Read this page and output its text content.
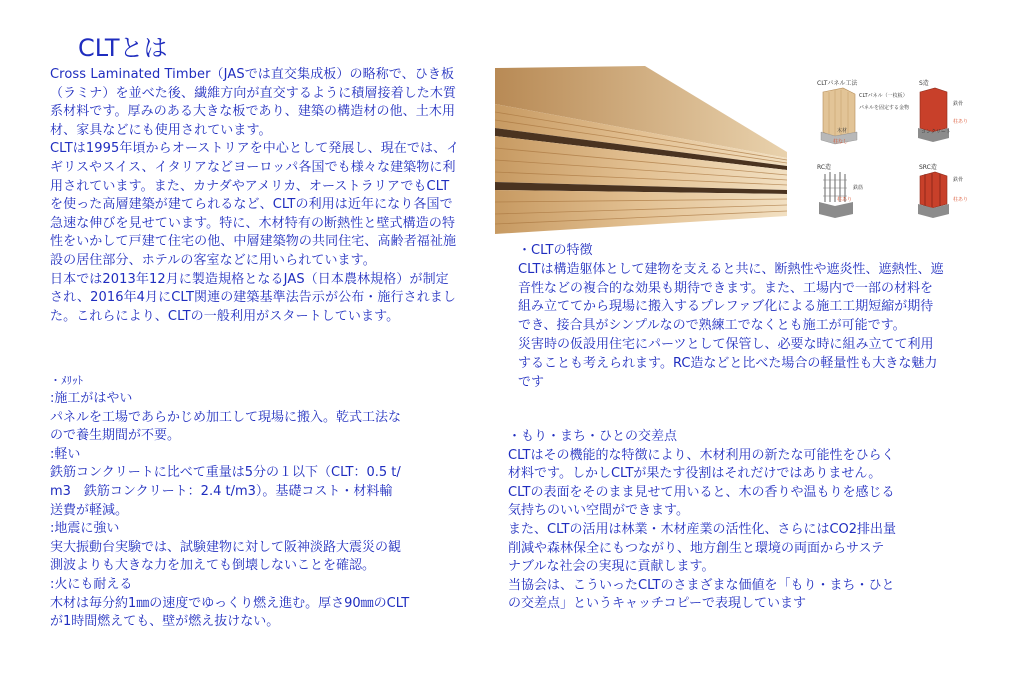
CLTとは
Cross Laminated Timber（JASでは直交集成板）の略称で、ひき板
（ラミナ）を並べた後、繊維方向が直交するように積層接着した木質
系材料です。厚みのある大きな板であり、建築の構造材の他、土木用
材、家具などにも使用されています。
CLTは1995年頃からオーストリアを中心として発展し、現在では、イ
ギリスやスイス、イタリアなどヨーロッパ各国でも様々な建築物に利
用されています。また、カナダやアメリカ、オーストラリアでもCLT
を使った高層建築が建てられるなど、CLTの利用は近年になり各国で
急速な伸びを見せています。特に、木材特有の断熱性と壁式構造の特
性をいかして戸建て住宅の他、中層建築物の共同住宅、高齢者福祉施
設の居住部分、ホテルの客室などに用いられています。
日本では2013年12月に製造規格となるJAS（日本農林規格）が制定
され、2016年4月にCLT関連の建築基準法告示が公布・施行されまし
た。これらにより、CLTの一般利用がスタートしています。
・ﾒﾘｯﾄ
:施工がはやい
パネルを工場であらかじめ加工して現場に搬入。乾式工法な
ので養生期間が不要。
:軽い
鉄筋コンクリートに比べて重量は5分の１以下（CLT：0.5 t/
m3　鉄筋コンクリート：2.4 t/m3）。基礎コスト・材料輸
送費が軽減。
:地震に強い
実大振動台実験では、試験建物に対して阪神淡路大震災の観
測波よりも大きな力を加えても倒壊しないことを確認。
:火にも耐える
木材は毎分約1㎜の速度でゆっくり燃え進む。厚さ90㎜のCLT
が1時間燃えても、壁が燃え抜けない。
・CLTの特徴
CLTは構造躯体として建物を支えると共に、断熱性や遮炎性、遮熱性、遮
音性などの複合的な効果も期待できます。また、工場内で一部の材料を
組み立ててから現場に搬入するプレファブ化による施工工期短縮が期待
でき、接合具がシンプルなので熟練工でなくとも施工が可能です。
災害時の仮設用住宅にパーツとして保管し、必要な時に組み立てて利用
することも考えられます。RC造などと比べた場合の軽量性も大きな魅力
です
・もり・まち・ひとの交差点
CLTはその機能的な特徴により、木材利用の新たな可能性をひらく
材料です。しかしCLTが果たす役割はそれだけではありません。
CLTの表面をそのまま見せて用いると、木の香りや温もりを感じる
気持ちのいい空間ができます。
また、CLTの活用は林業・木材産業の活性化、さらにはCO2排出量
削減や森林保全にもつながり、地方創生と環境の両面からサステ
ナブルな社会の実現に貢献します。
当協会は、こういったCLTのさまざまな価値を「もり・まち・ひと
の交差点」というキャッチコピーで表現しています
CLTパネル工法
CLTパネル（一枚板）
パネルを固定する金物
木材
柱なし
S造
鉄骨
コンクリート
柱あり
RC造
鉄筋
柱あり
SRC造
鉄骨
柱あり
